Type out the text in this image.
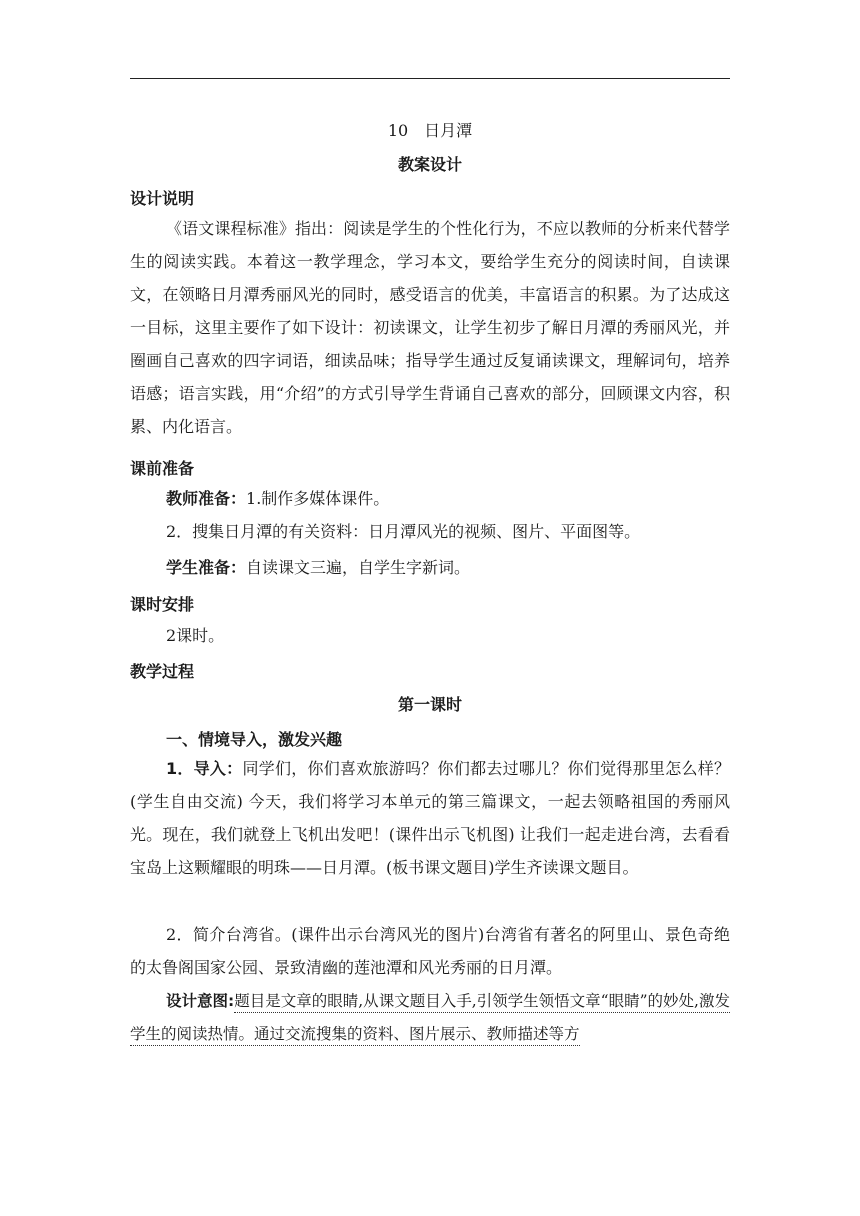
10　日月潭
教案设计
设计说明
《语文课程标准》指出：阅读是学生的个性化行为，不应以教师的分析来代替学生的阅读实践。本着这一教学理念，学习本文，要给学生充分的阅读时间，自读课文，在领略日月潭秀丽风光的同时，感受语言的优美，丰富语言的积累。为了达成这一目标，这里主要作了如下设计：初读课文，让学生初步了解日月潭的秀丽风光，并圈画自己喜欢的四字词语，细读品味；指导学生通过反复诵读课文，理解词句，培养语感；语言实践，用“介绍”的方式引导学生背诵自己喜欢的部分，回顾课文内容，积累、内化语言。
课前准备
教师准备：1.制作多媒体课件。
2．搜集日月潭的有关资料：日月潭风光的视频、图片、平面图等。
学生准备：自读课文三遍，自学生字新词。
课时安排
2课时。
教学过程
第一课时
一、情境导入，激发兴趣
1．导入：同学们，你们喜欢旅游吗？你们都去过哪儿？你们觉得那里怎么样？(学生自由交流) 今天，我们将学习本单元的第三篇课文，一起去领略祖国的秀丽风光。现在，我们就登上飞机出发吧！(课件出示飞机图) 让我们一起走进台湾，去看看宝岛上这颗耀眼的明珠——日月潭。(板书课文题目)学生齐读课文题目。
2．简介台湾省。(课件出示台湾风光的图片)台湾省有著名的阿里山、景色奇绝的太鲁阁国家公园、景致清幽的莲池潭和风光秀丽的日月潭。
设计意图:题目是文章的眼睛,从课文题目入手,引领学生领悟文章“眼睛”的妙处,激发学生的阅读热情。通过交流搜集的资料、图片展示、教师描述等方
